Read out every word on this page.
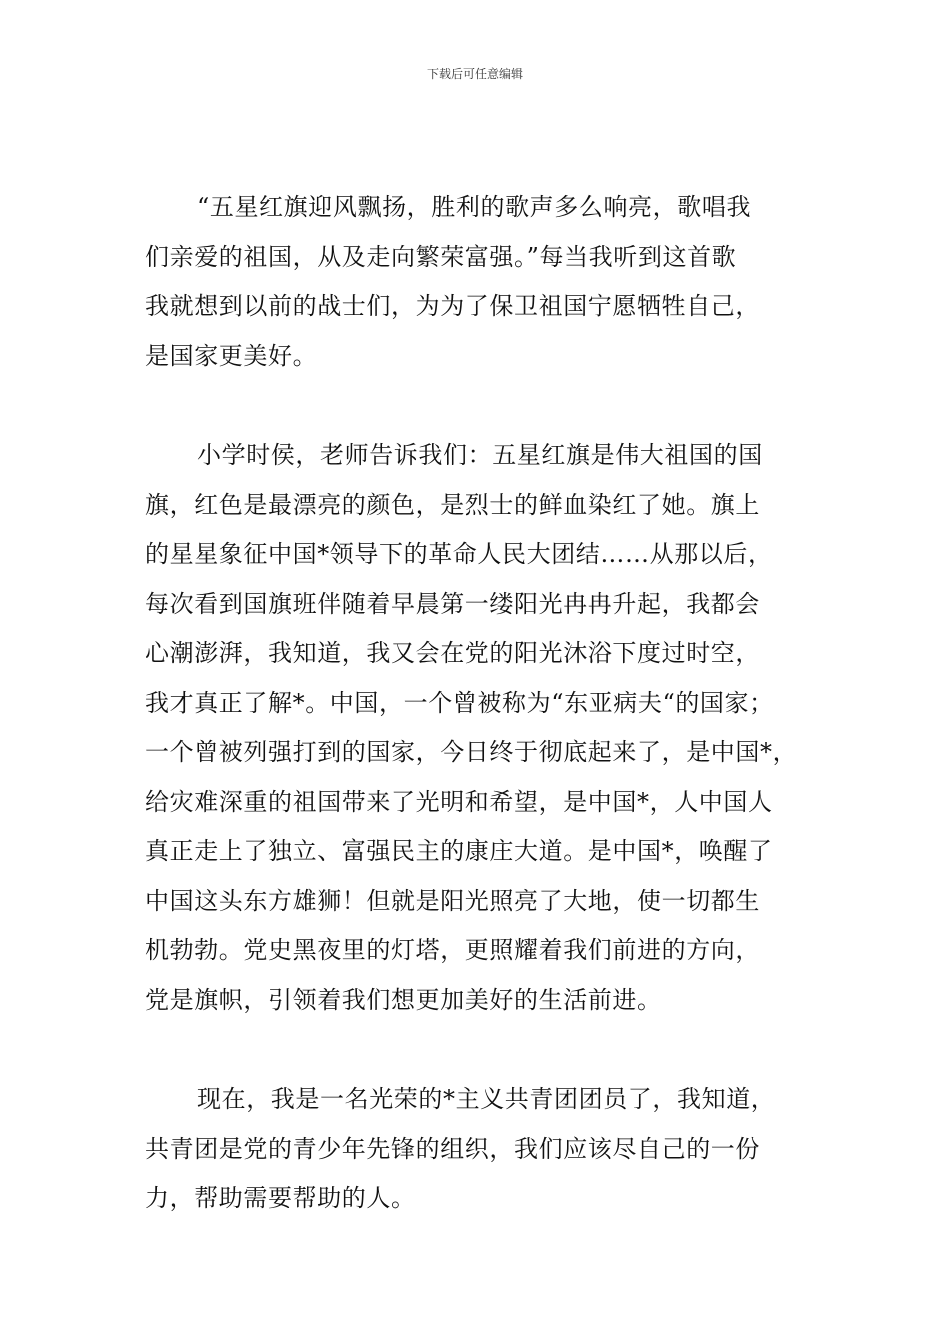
下载后可任意编辑

“五星红旗迎风飘扬，胜利的歌声多么响亮，歌唱我
们亲爱的祖国，从及走向繁荣富强。”每当我听到这首歌
我就想到以前的战士们，为为了保卫祖国宁愿牺牲自己，
是国家更美好。

小学时侯，老师告诉我们：五星红旗是伟大祖国的国
旗，红色是最漂亮的颜色，是烈士的鲜血染红了她。旗上
的星星象征中国*领导下的革命人民大团结……从那以后，
每次看到国旗班伴随着早晨第一缕阳光冉冉升起，我都会
心潮澎湃，我知道，我又会在党的阳光沐浴下度过时空，
我才真正了解*。中国，一个曾被称为“东亚病夫“的国家；
一个曾被列强打到的国家，今日终于彻底起来了，是中国*，
给灾难深重的祖国带来了光明和希望，是中国*，人中国人
真正走上了独立、富强民主的康庄大道。是中国*，唤醒了
中国这头东方雄狮！但就是阳光照亮了大地，使一切都生
机勃勃。党史黑夜里的灯塔，更照耀着我们前进的方向，
党是旗帜，引领着我们想更加美好的生活前进。

现在，我是一名光荣的*主义共青团团员了，我知道，
共青团是党的青少年先锋的组织，我们应该尽自己的一份
力，帮助需要帮助的人。
